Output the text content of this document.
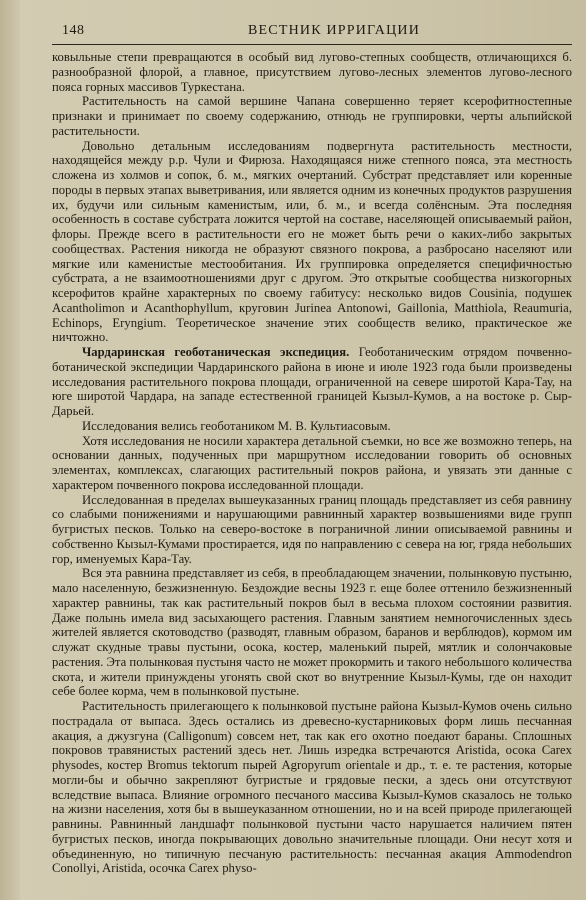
148	ВЕСТНИК ИРРИГАЦИИ

ковыльные степи превращаются в особый вид лугово-степных сообществ, отличающихся б. разнообразной флорой, а главное, присутствием лугово-лесных элементов лугово-лесного пояса горных массивов Туркестана.

Растительность на самой вершине Чапана совершенно теряет ксерофитностепные признаки и принимает по своему содержанию, отнюдь не группировки, черты альпийской растительности.

Довольно детальным исследованиям подвергнута растительность местности, находящейся между р.р. Чули и Фирюза. Находящаяся ниже степного пояса, эта местность сложена из холмов и сопок, б. м., мягких очертаний. Субстрат представляет или коренные породы в первых этапах выветривания, или является одним из конечных продуктов разрушения их, будучи или сильным каменистым, или, б. м., и всегда солёнсным. Эта последняя особенность в составе субстрата ложится чертой на составе, населяющей описываемый район, флоры. Прежде всего в растительности его не может быть речи о каких-либо закрытых сообществах. Растения никогда не образуют связного покрова, а разбросано населяют или мягкие или каменистые местообитания. Их группировка определяется специфичностью субстрата, а не взаимоотношениями друг с другом. Это открытые сообщества низкогорных ксерофитов крайне характерных по своему габитусу: несколько видов Cousinia, подушек Acantholimon и Acanthophyllum, круговин Jurinea Antonowi, Gaillonia, Matthiola, Reaumuria, Echinops, Eryngium. Теоретическое значение этих сообществ велико, практическое же ничтожно.

Чардаринская геоботаническая экспедиция. Геоботаническим отрядом почвенно-ботанической экспедиции Чардаринского района в июне и июле 1923 года были произведены исследования растительного покрова площади, ограниченной на севере широтой Кара-Тау, на юге широтой Чардара, на западе естественной границей Кызыл-Кумов, а на востоке р. Сыр-Дарьей.

Исследования велись геоботаником М. В. Культиасовым.

Хотя исследования не носили характера детальной съемки, но все же возможно теперь, на основании данных, подученных при маршрутном исследовании говорить об основных элементах, комплексах, слагающих растительный покров района, и увязать эти данные с характером почвенного покрова исследованной площади.

Исследованная в пределах вышеуказанных границ площадь представляет из себя равнину со слабыми понижениями и нарушающими равнинный характер возвышениями виде групп бугристых песков. Только на северо-востоке в пограничной линии описываемой равнины и собственно Кызыл-Кумами простирается, идя по направлению с севера на юг, гряда небольших гор, именуемых Кара-Тау.

Вся эта равнина представляет из себя, в преобладающем значении, полынковую пустыню, мало населенную, безжизненную. Бездождие весны 1923 г. еще более оттенило безжизненный характер равнины, так как растительный покров был в весьма плохом состоянии развития. Даже полынь имела вид засыхающего растения. Главным занятием немногочисленных здесь жителей является скотоводство (разводят, главным образом, баранов и верблюдов), кормом им служат скудные травы пустыни, осока, костер, маленький пырей, мятлик и солончаковые растения. Эта полынковая пустыня часто не может прокормить и такого небольшого количества скота, и жители принуждены угонять свой скот во внутренние Кызыл-Кумы, где он находит себе более корма, чем в полынковой пустыне.

Растительность прилегающего к полынковой пустыне района Кызыл-Кумов очень сильно пострадала от выпаса. Здесь остались из древесно-кустарниковых форм лишь песчанная акация, а джузгуна (Calligonum) совсем нет, так как его охотно поедают бараны. Сплошных покровов травянистых растений здесь нет. Лишь изредка встречаются Aristida, осока Carex physodes, костер Bromus tektorum пырей Agropyrum orientale и др., т. е. те растения, которые могли-бы и обычно закрепляют бугристые и грядовые пески, а здесь они отсутствуют вследствие выпаса. Влияние огромного песчаного массива Кызыл-Кумов сказалось не только на жизни населения, хотя бы в вышеуказанном отношении, но и на всей природе прилегающей равнины. Равнинный ландшафт полынковой пустыни часто нарушается наличием пятен бугристых песков, иногда покрывающих довольно значительные площади. Они несут хотя и объединенную, но типичную песчаную растительность: песчанная акация Ammodendron Conollyi, Aristida, осочка Carex physo-
